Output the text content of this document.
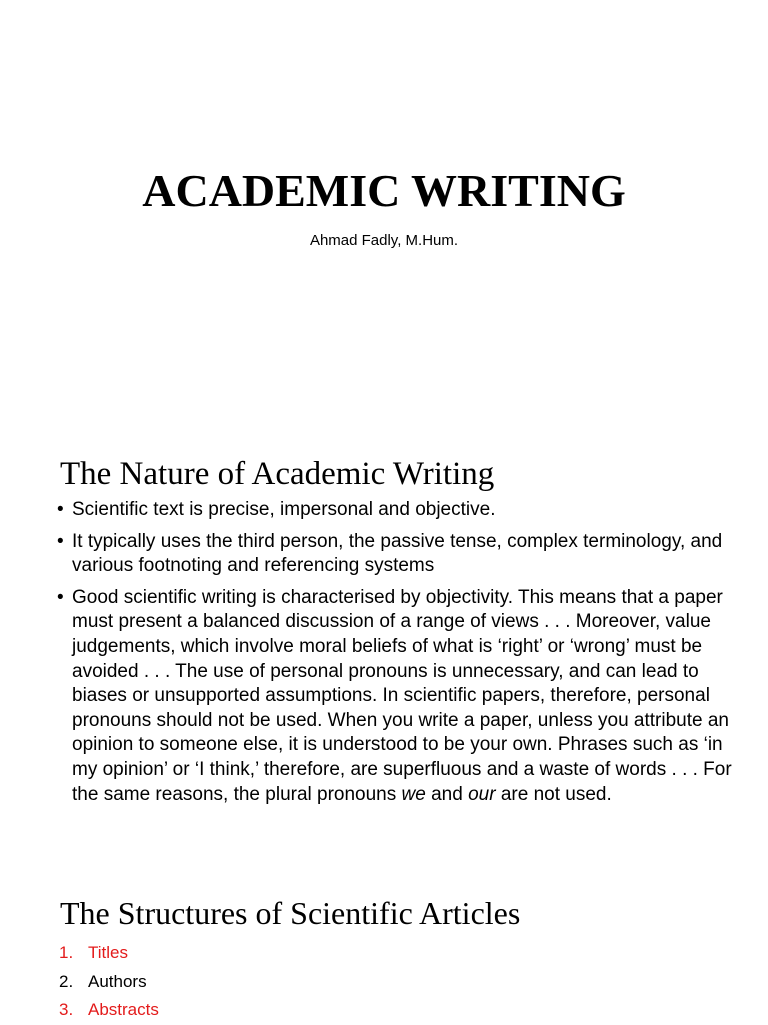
ACADEMIC WRITING

Ahmad Fadly, M.Hum.

The Nature of Academic Writing
• Scientific text is precise, impersonal and objective.
• It typically uses the third person, the passive tense, complex terminology, and various footnoting and referencing systems
• Good scientific writing is characterised by objectivity. This means that a paper must present a balanced discussion of a range of views . . . Moreover, value judgements, which involve moral beliefs of what is ‘right’ or ‘wrong’ must be avoided . . . The use of personal pronouns is unnecessary, and can lead to biases or unsupported assumptions. In scientific papers, therefore, personal pronouns should not be used. When you write a paper, unless you attribute an opinion to someone else, it is understood to be your own. Phrases such as ‘in my opinion’ or ‘I think,’ therefore, are superfluous and a waste of words . . . For the same reasons, the plural pronouns we and our are not used.
The Structures of Scientific Articles
1. Titles
2. Authors
3. Abstracts
